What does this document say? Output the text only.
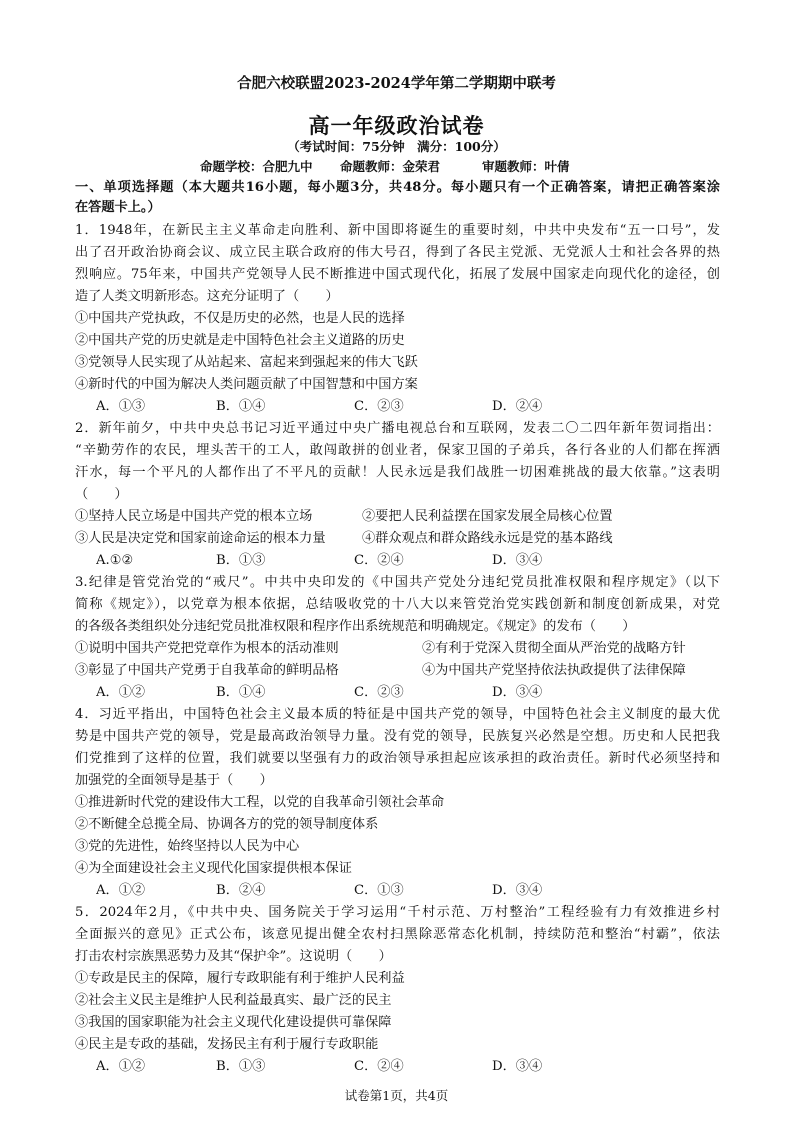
合肥六校联盟2023-2024学年第二学期期中联考
高一年级政治试卷
（考试时间：75分钟　满分：100分）
命题学校：合肥九中	命题教师：金荣君	审题教师：叶倩
一、单项选择题（本大题共16小题，每小题3分，共48分。每小题只有一个正确答案，请把正确答案涂
在答题卡上。）
1．1948年，在新民主主义革命走向胜利、新中国即将诞生的重要时刻，中共中央发布“五一口号”，发
出了召开政治协商会议、成立民主联合政府的伟大号召，得到了各民主党派、无党派人士和社会各界的热
烈响应。75年来，中国共产党领导人民不断推进中国式现代化，拓展了发展中国家走向现代化的途径，创
造了人类文明新形态。这充分证明了（　　）
①中国共产党执政，不仅是历史的必然，也是人民的选择
②中国共产党的历史就是走中国特色社会主义道路的历史
③党领导人民实现了从站起来、富起来到强起来的伟大飞跃
④新时代的中国为解决人类问题贡献了中国智慧和中国方案
A．①③	B．①④	C．②③	D．②④
2．新年前夕，中共中央总书记习近平通过中央广播电视总台和互联网，发表二〇二四年新年贺词指出：
“辛勤劳作的农民，埋头苦干的工人，敢闯敢拼的创业者，保家卫国的子弟兵，各行各业的人们都在挥洒
汗水，每一个平凡的人都作出了不平凡的贡献！人民永远是我们战胜一切困难挑战的最大依靠。”这表明
（　　）
①坚持人民立场是中国共产党的根本立场	②要把人民利益摆在国家发展全局核心位置
③人民是决定党和国家前途命运的根本力量	④群众观点和群众路线永远是党的基本路线
A.①②	B．①③	C．②④	D．③④
3.纪律是管党治党的“戒尺”。中共中央印发的《中国共产党处分违纪党员批准权限和程序规定》（以下
简称《规定》），以党章为根本依据，总结吸收党的十八大以来管党治党实践创新和制度创新成果，对党
的各级各类组织处分违纪党员批准权限和程序作出系统规范和明确规定。《规定》的发布（　　）
①说明中国共产党把党章作为根本的活动准则	②有利于党深入贯彻全面从严治党的战略方针
③彰显了中国共产党勇于自我革命的鲜明品格	④为中国共产党坚持依法执政提供了法律保障
A．①②	B．①④	C．②③	D．③④
4．习近平指出，中国特色社会主义最本质的特征是中国共产党的领导，中国特色社会主义制度的最大优
势是中国共产党的领导，党是最高政治领导力量。没有党的领导，民族复兴必然是空想。历史和人民把我
们党推到了这样的位置，我们就要以坚强有力的政治领导承担起应该承担的政治责任。新时代必须坚持和
加强党的全面领导是基于（　　）
①推进新时代党的建设伟大工程，以党的自我革命引领社会革命
②不断健全总揽全局、协调各方的党的领导制度体系
③党的先进性，始终坚持以人民为中心
④为全面建设社会主义现代化国家提供根本保证
A．①②	B．②④	C．①③	D．③④
5．2024年2月，《中共中央、国务院关于学习运用“千村示范、万村整治”工程经验有力有效推进乡村
全面振兴的意见》正式公布，该意见提出健全农村扫黑除恶常态化机制，持续防范和整治“村霸”，依法
打击农村宗族黑恶势力及其“保护伞”。这说明（　　）
①专政是民主的保障，履行专政职能有利于维护人民利益
②社会主义民主是维护人民利益最真实、最广泛的民主
③我国的国家职能为社会主义现代化建设提供可靠保障
④民主是专政的基础，发扬民主有利于履行专政职能
A．①②	B．①③	C．②④	D．③④
试卷第1页，共4页
